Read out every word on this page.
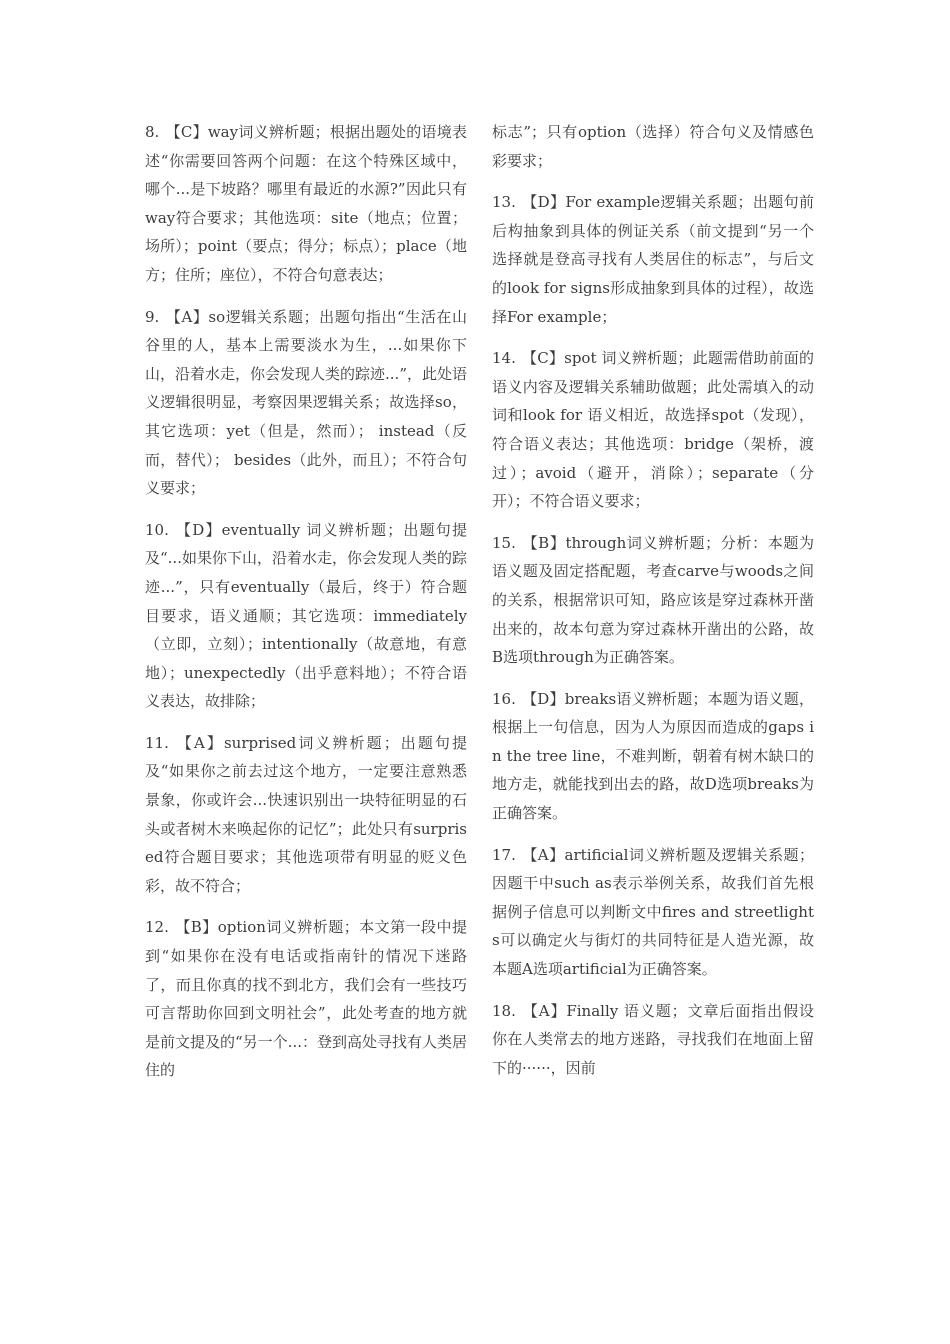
8. 【C】way词义辨析题；根据出题处的语境表述“你需要回答两个问题：在这个特殊区域中，哪个...是下坡路？哪里有最近的水源?”因此只有way符合要求；其他选项：site（地点；位置；场所）；point（要点；得分；标点）；place（地方；住所；座位），不符合句意表达；

9. 【A】so逻辑关系题；出题句指出“生活在山谷里的人，基本上需要淡水为生，...如果你下山，沿着水走，你会发现人类的踪迹...”，此处语义逻辑很明显，考察因果逻辑关系；故选择so，其它选项：yet（但是，然而）； instead（反而，替代）； besides（此外，而且）；不符合句义要求；

10. 【D】eventually 词义辨析题；出题句提及“...如果你下山，沿着水走，你会发现人类的踪迹...”，只有eventually（最后，终于）符合题目要求，语义通顺；其它选项：immediately（立即，立刻）；intentionally（故意地，有意地）；unexpectedly（出乎意料地）；不符合语义表达，故排除；

11. 【A】surprised词义辨析题；出题句提及“如果你之前去过这个地方，一定要注意熟悉景象，你或许会...快速识别出一块特征明显的石头或者树木来唤起你的记忆”；此处只有surprised符合题目要求；其他选项带有明显的贬义色彩，故不符合；

12. 【B】option词义辨析题；本文第一段中提到“如果你在没有电话或指南针的情况下迷路了，而且你真的找不到北方，我们会有一些技巧可言帮助你回到文明社会”，此处考查的地方就是前文提及的“另一个...：登到高处寻找有人类居住的

标志”；只有option（选择）符合句义及情感色彩要求；

13. 【D】For example逻辑关系题；出题句前后构抽象到具体的例证关系（前文提到“另一个选择就是登高寻找有人类居住的标志”，与后文的look for signs形成抽象到具体的过程），故选择For example；

14. 【C】spot 词义辨析题；此题需借助前面的语义内容及逻辑关系辅助做题；此处需填入的动词和look for 语义相近，故选择spot（发现），符合语义表达；其他选项：bridge（架桥，渡过）；avoid（避开，消除）；separate（分开）；不符合语义要求；

15. 【B】through词义辨析题；分析：本题为语义题及固定搭配题，考查carve与woods之间的关系，根据常识可知，路应该是穿过森林开凿出来的，故本句意为穿过森林开凿出的公路，故B选项through为正确答案。

16. 【D】breaks语义辨析题；本题为语义题，根据上一句信息，因为人为原因而造成的gaps in the tree line，不难判断，朝着有树木缺口的地方走，就能找到出去的路，故D选项breaks为正确答案。

17. 【A】artificial词义辨析题及逻辑关系题；因题干中such as表示举例关系，故我们首先根据例子信息可以判断文中fires and streetlights可以确定火与街灯的共同特征是人造光源，故本题A选项artificial为正确答案。

18. 【A】Finally 语义题；文章后面指出假设你在人类常去的地方迷路，寻找我们在地面上留下的······，因前
